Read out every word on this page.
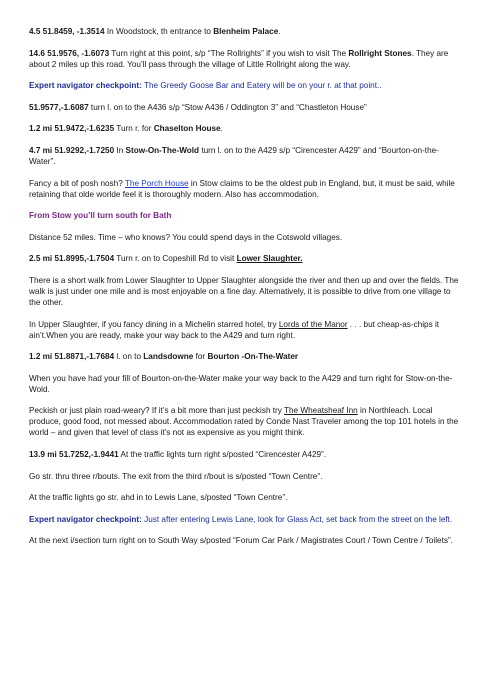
4.5 51.8459, -1.3514 In Woodstock, th entrance to Blenheim Palace.

14.6 51.9576, -1.6073 Turn right at this point, s/p “The Rollrights” if you wish to visit The Rollright Stones. They are about 2 miles up this road. You’ll pass through the village of Little Rollright along the way.

Expert navigator checkpoint: The Greedy Goose Bar and Eatery will be on your r. at that point..

51.9577,-1.6087 turn l. on to the A436 s/p “Stow A436 / Oddington 3” and “Chastleton House”

1.2 mi 51.9472,-1.6235 Turn r. for Chaselton House.

4.7 mi 51.9292,-1.7250 In Stow-On-The-Wold turn l. on to the A429 s/p “Cirencester A429” and “Bourton-on-the-Water”.

Fancy a bit of posh nosh? The Porch House in Stow claims to be the oldest pub in England, but, it must be said, while retaining that olde worlde feel it is thoroughly modern. Also has accommodation.

From Stow you’ll turn south for Bath

Distance 52 miles. Time – who knows? You could spend days in the Cotswold villages.

2.5 mi 51.8995,-1.7504 Turn r. on to Copeshill Rd to visit Lower Slaughter.

There is a short walk from Lower Slaughter to Upper Slaughter alongside the river and then up and over the fields. The walk is just under one mile and is most enjoyable on a fine day. Alternatively, it is possible to drive from one village to the other.

In Upper Slaughter, if you fancy dining in a Michelin starred hotel, try Lords of the Manor . . . but cheap-as-chips it ain’t.When you are ready, make your way back to the A429 and turn right.

1.2 mi 51.8871,-1.7684 l. on to Landsdowne for Bourton -On-The-Water

When you have had your fill of Bourton-on-the-Water make your way back to the A429 and turn right for Stow-on-the-Wold.

Peckish or just plain road-weary? If it’s a bit more than just peckish try The Wheatsheaf Inn in Northleach. Local produce, good food, not messed about. Accommodation rated by Conde Nast Traveler among the top 101 hotels in the world – and given that level of class it’s not as expensive as you might think.

13.9 mi 51.7252,-1.9441 At the traffic lights turn right s/posted “Cirencester A429”.

Go str. thru three r/bouts. The exit from the third r/bout is s/posted “Town Centre”.

At the traffic lights go str. ahd in to Lewis Lane, s/posted “Town Centre”.

Expert navigator checkpoint: Just after entering Lewis Lane, look for Glass Act, set back from the street on the left.

At the next i/section turn right on to South Way s/posted “Forum Car Park / Magistrates Court / Town Centre / Toilets”.
